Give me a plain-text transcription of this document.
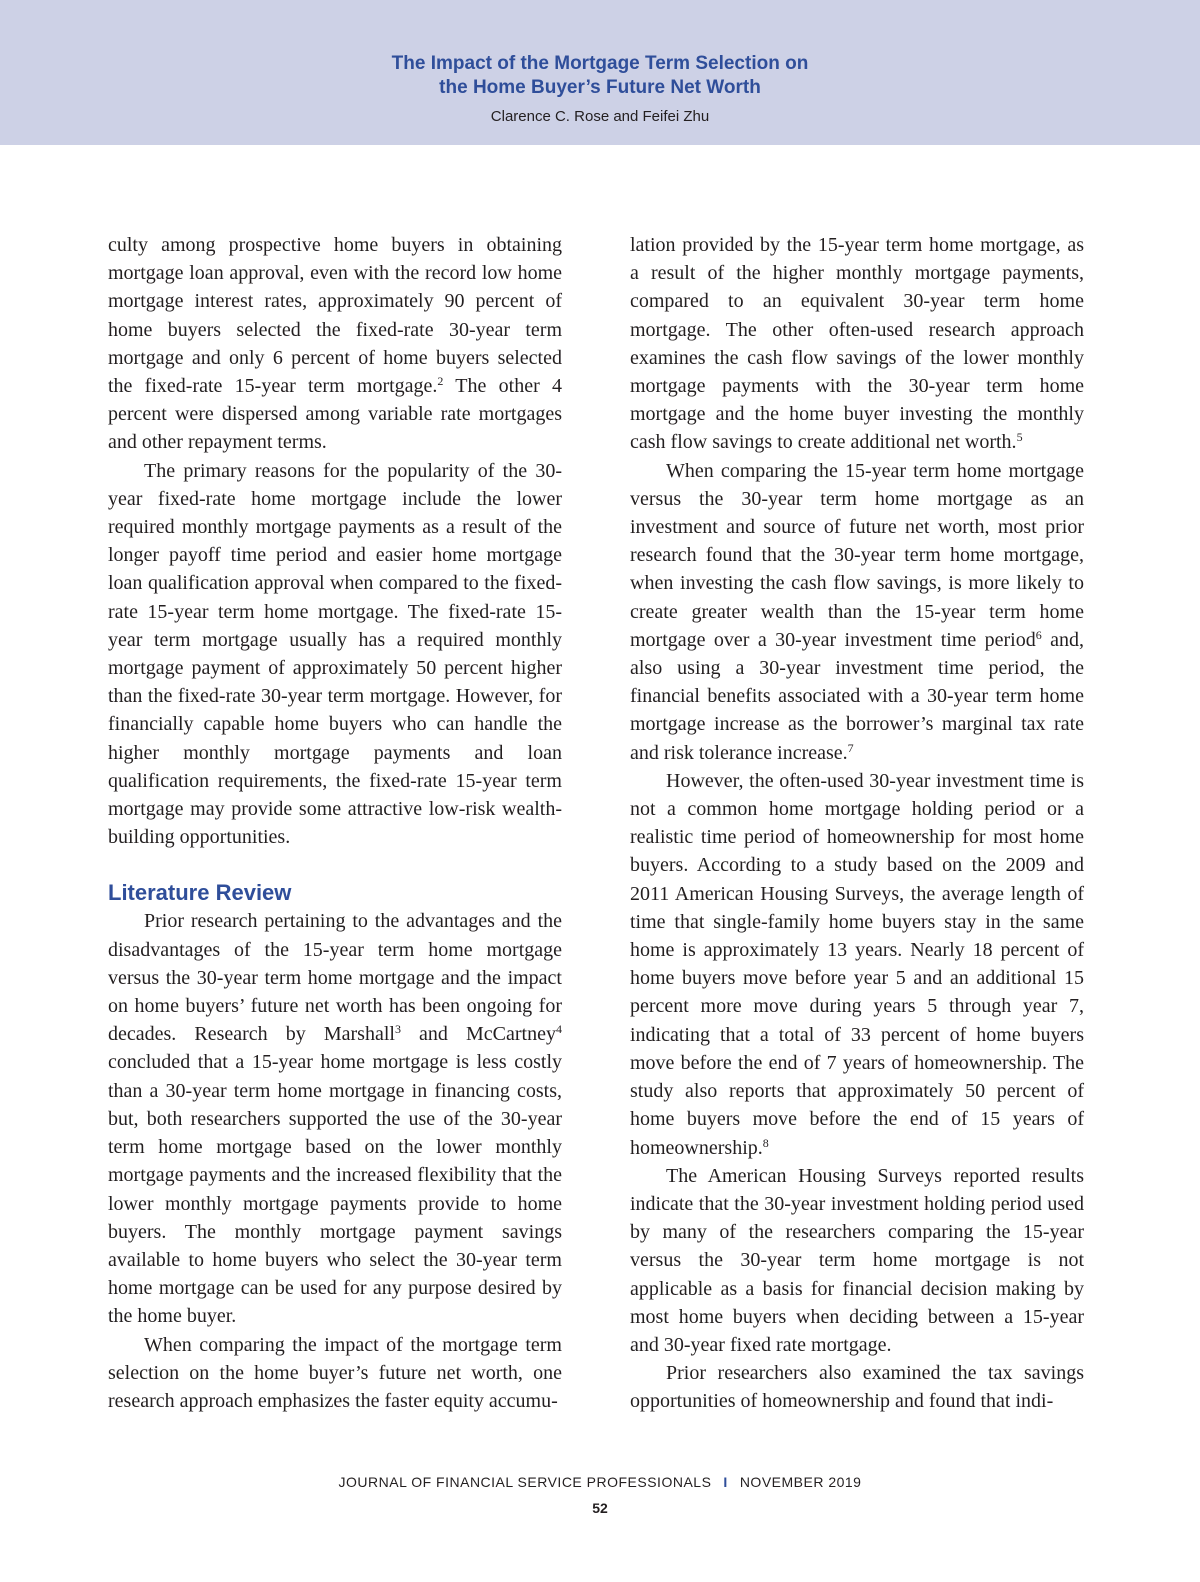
The Impact of the Mortgage Term Selection on
the Home Buyer’s Future Net Worth
Clarence C. Rose and Feifei Zhu

culty among prospective home buyers in obtaining mortgage loan approval, even with the record low home mortgage interest rates, approximately 90 percent of home buyers selected the fixed-rate 30-year term mortgage and only 6 percent of home buyers selected the fixed-rate 15-year term mortgage.$^2$ The other 4 percent were dispersed among variable rate mortgages and other repayment terms.

The primary reasons for the popularity of the 30-year fixed-rate home mortgage include the lower required monthly mortgage payments as a result of the longer payoff time period and easier home mortgage loan qualification approval when compared to the fixed-rate 15-year term home mortgage. The fixed-rate 15-year term mortgage usually has a required monthly mortgage payment of approximately 50 percent higher than the fixed-rate 30-year term mortgage. However, for financially capable home buyers who can handle the higher monthly mortgage payments and loan qualification requirements, the fixed-rate 15-year term mortgage may provide some attractive low-risk wealth-building opportunities.

Literature Review

Prior research pertaining to the advantages and the disadvantages of the 15-year term home mortgage versus the 30-year term home mortgage and the impact on home buyers’ future net worth has been ongoing for decades. Research by Marshall$^3$ and McCartney$^4$ concluded that a 15-year home mortgage is less costly than a 30-year term home mortgage in financing costs, but, both researchers supported the use of the 30-year term home mortgage based on the lower monthly mortgage payments and the increased flexibility that the lower monthly mortgage payments provide to home buyers. The monthly mortgage payment savings available to home buyers who select the 30-year term home mortgage can be used for any purpose desired by the home buyer.

When comparing the impact of the mortgage term selection on the home buyer’s future net worth, one research approach emphasizes the faster equity accumu-

lation provided by the 15-year term home mortgage, as a result of the higher monthly mortgage payments, compared to an equivalent 30-year term home mortgage. The other often-used research approach examines the cash flow savings of the lower monthly mortgage payments with the 30-year term home mortgage and the home buyer investing the monthly cash flow savings to create additional net worth.$^5$

When comparing the 15-year term home mortgage versus the 30-year term home mortgage as an investment and source of future net worth, most prior research found that the 30-year term home mortgage, when investing the cash flow savings, is more likely to create greater wealth than the 15-year term home mortgage over a 30-year investment time period$^6$ and, also using a 30-year investment time period, the financial benefits associated with a 30-year term home mortgage increase as the borrower’s marginal tax rate and risk tolerance increase.$^7$

However, the often-used 30-year investment time is not a common home mortgage holding period or a realistic time period of homeownership for most home buyers. According to a study based on the 2009 and 2011 American Housing Surveys, the average length of time that single-family home buyers stay in the same home is approximately 13 years. Nearly 18 percent of home buyers move before year 5 and an additional 15 percent more move during years 5 through year 7, indicating that a total of 33 percent of home buyers move before the end of 7 years of homeownership. The study also reports that approximately 50 percent of home buyers move before the end of 15 years of homeownership.$^8$

The American Housing Surveys reported results indicate that the 30-year investment holding period used by many of the researchers comparing the 15-year versus the 30-year term home mortgage is not applicable as a basis for financial decision making by most home buyers when deciding between a 15-year and 30-year fixed rate mortgage.

Prior researchers also examined the tax savings opportunities of homeownership and found that indi-

JOURNAL OF FINANCIAL SERVICE PROFESSIONALS I NOVEMBER 2019
52
